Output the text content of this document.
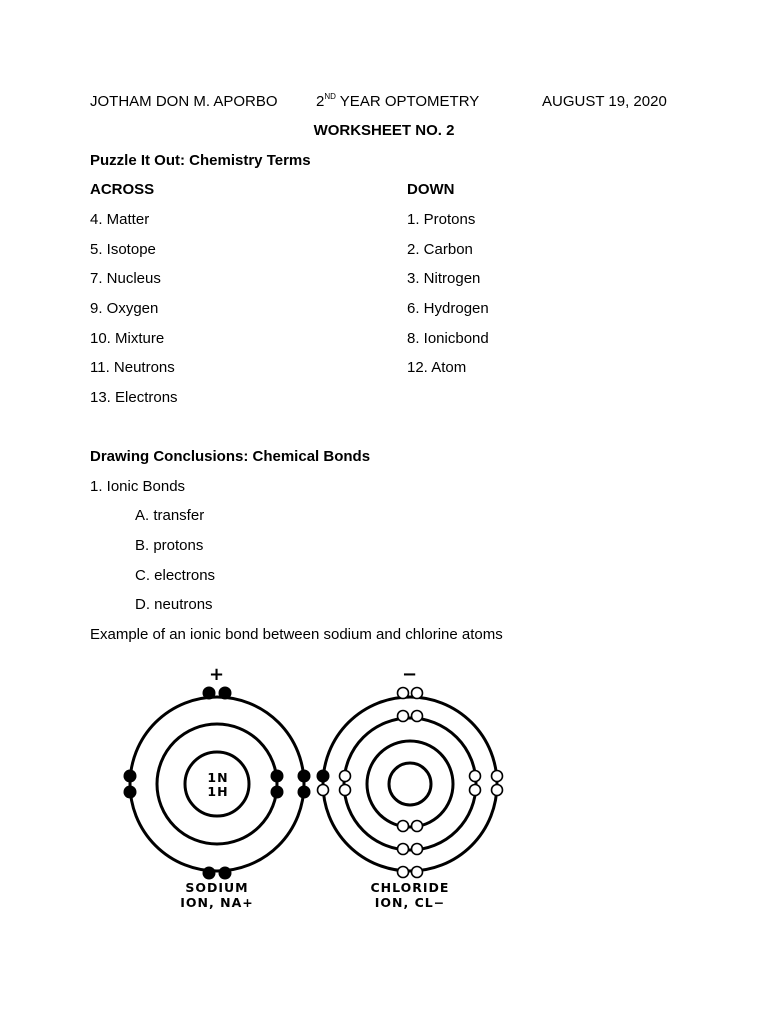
JOTHAM DON M. APORBO	2ND YEAR OPTOMETRY	AUGUST 19, 2020
WORKSHEET NO. 2
Puzzle It Out: Chemistry Terms
ACROSS	DOWN
4. Matter
5. Isotope
7. Nucleus
9. Oxygen
10. Mixture
11. Neutrons
13. Electrons
1. Protons
2. Carbon
3. Nitrogen
6. Hydrogen
8. Ionicbond
12. Atom
Drawing Conclusions: Chemical Bonds
1. Ionic Bonds
A. transfer
B. protons
C. electrons
D. neutrons
Example of an ionic bond between sodium and chlorine atoms
+
1N
1H
SODIUM
ION, NA+
−
CHLORIDE
ION, CL−
